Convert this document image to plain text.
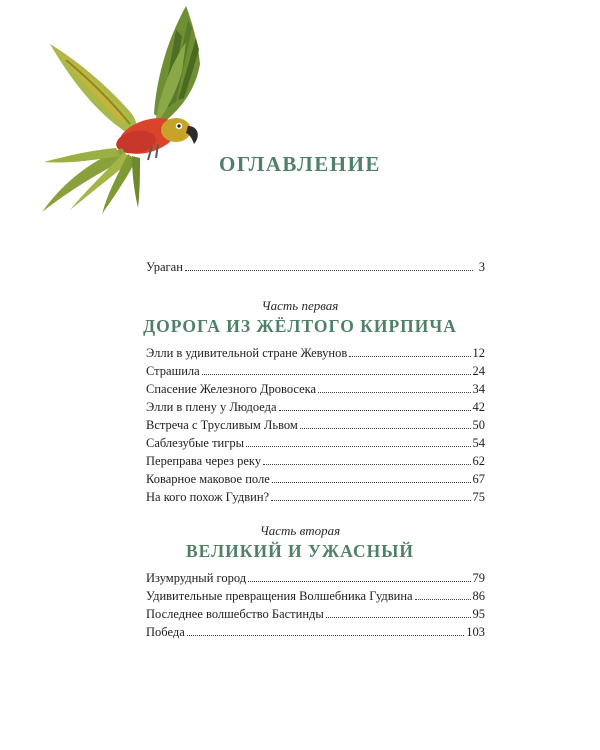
ОГЛАВЛЕНИЕ
Ураган	3
Часть первая
ДОРОГА ИЗ ЖЁЛТОГО КИРПИЧА
Элли в удивительной стране Жевунов	12
Страшила	24
Спасение Железного Дровосека	34
Элли в плену у Людоеда	42
Встреча с Трусливым Львом	50
Саблезубые тигры	54
Переправа через реку	62
Коварное маковое поле	67
На кого похож Гудвин?	75
Часть вторая
ВЕЛИКИЙ И УЖАСНЫЙ
Изумрудный город	79
Удивительные превращения Волшебника Гудвина	86
Последнее волшебство Бастинды	95
Победа	103
